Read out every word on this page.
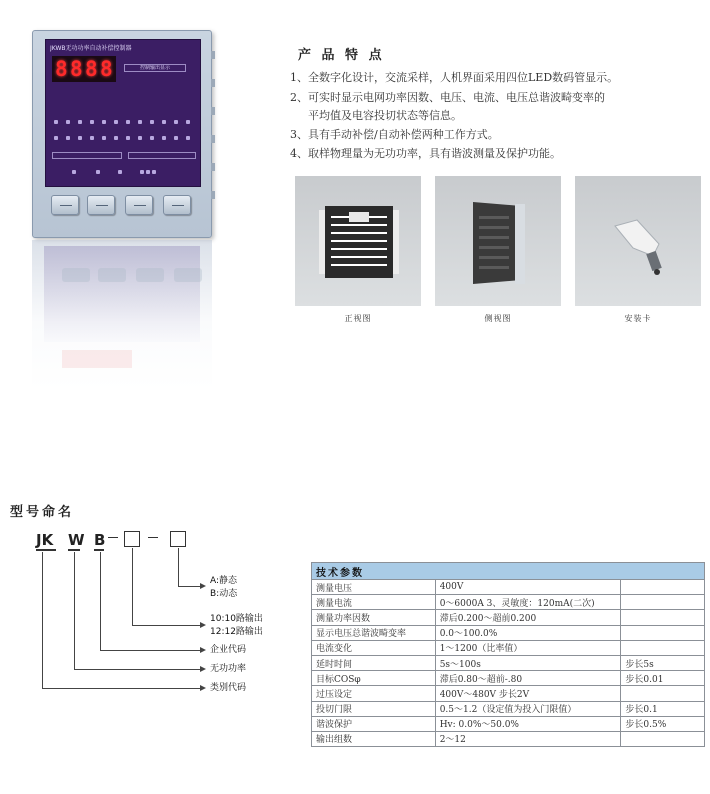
JKWB无功功率自动补偿控制器
8 8 8 8	控制输出显示
产 品 特 点
1、全数字化设计，交流采样，人机界面采用四位LED数码管显示。
2、可实时显示电网功率因数、电压、电流、电压总谐波畸变率的
平均值及电容投切状态等信息。
3、具有手动补偿/自动补偿两种工作方式。
4、取样物理量为无功功率，具有谐波测量及保护功能。
正视图	侧视图	安装卡
型号命名
JK W B
A:静态
B:动态
10:10路输出
12:12路输出
企业代码
无功功率
类别代码
技术参数		
测量电压	400V	
测量电流	0～6000A 3、灵敏度：120mA(二次)	
测量功率因数	滞后0.200～超前0.200	
显示电压总谐波畸变率	0.0～100.0%	
电流变化	1～1200（比率值）	
延时时间	5s～100s	步长5s
目标COSφ	滞后0.80～超前-.80	步长0.01
过压设定	400V～480V 步长2V	
投切门限	0.5～1.2（设定值为投入门限值）	步长0.1
谐波保护	Hv: 0.0%～50.0%	步长0.5%
输出组数	2～12	
